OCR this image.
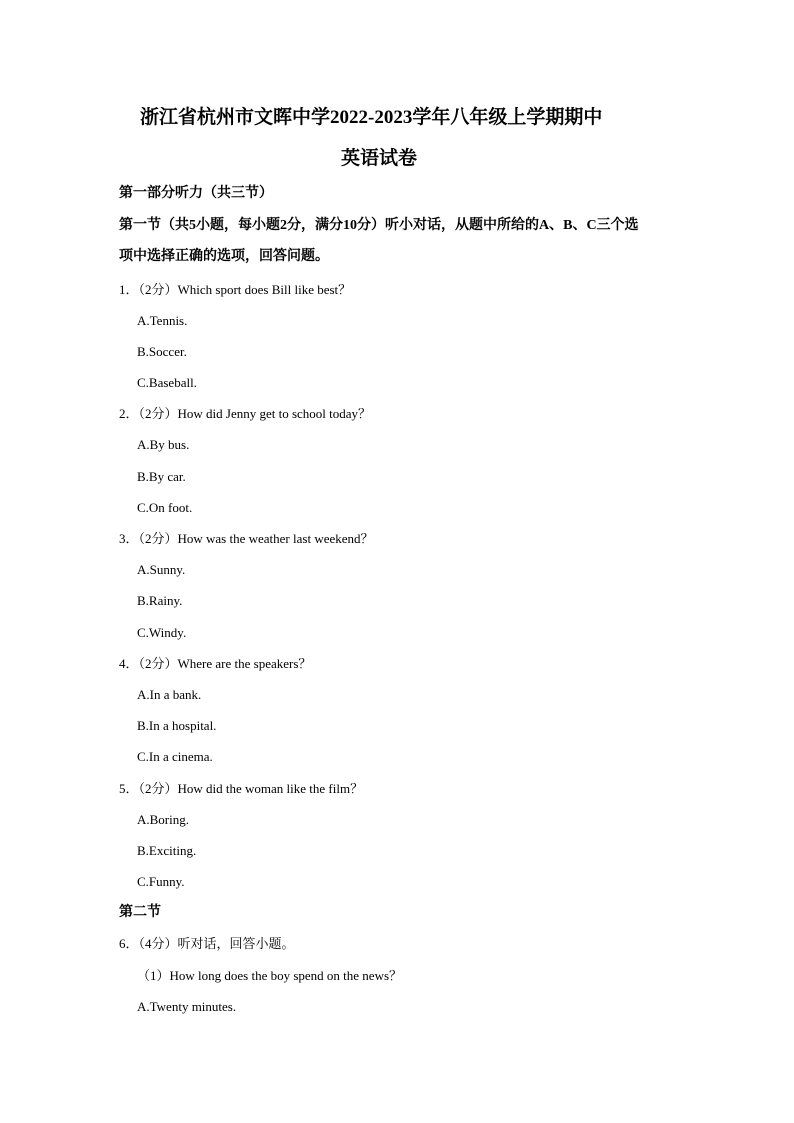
浙江省杭州市文晖中学2022-2023学年八年级上学期期中
英语试卷
第一部分听力（共三节）
第一节（共5小题，每小题2分，满分10分）听小对话，从题中所给的A、B、C三个选
项中选择正确的选项，回答问题。
1．（2分）Which sport does Bill like best？
A.Tennis.
B.Soccer.
C.Baseball.
2．（2分）How did Jenny get to school today？
A.By bus.
B.By car.
C.On foot.
3．（2分）How was the weather last weekend？
A.Sunny.
B.Rainy.
C.Windy.
4．（2分）Where are the speakers？
A.In a bank.
B.In a hospital.
C.In a cinema.
5．（2分）How did the woman like the film？
A.Boring.
B.Exciting.
C.Funny.
第二节
6．（4分）听对话，回答小题。
（1）How long does the boy spend on the news？
A.Twenty minutes.
